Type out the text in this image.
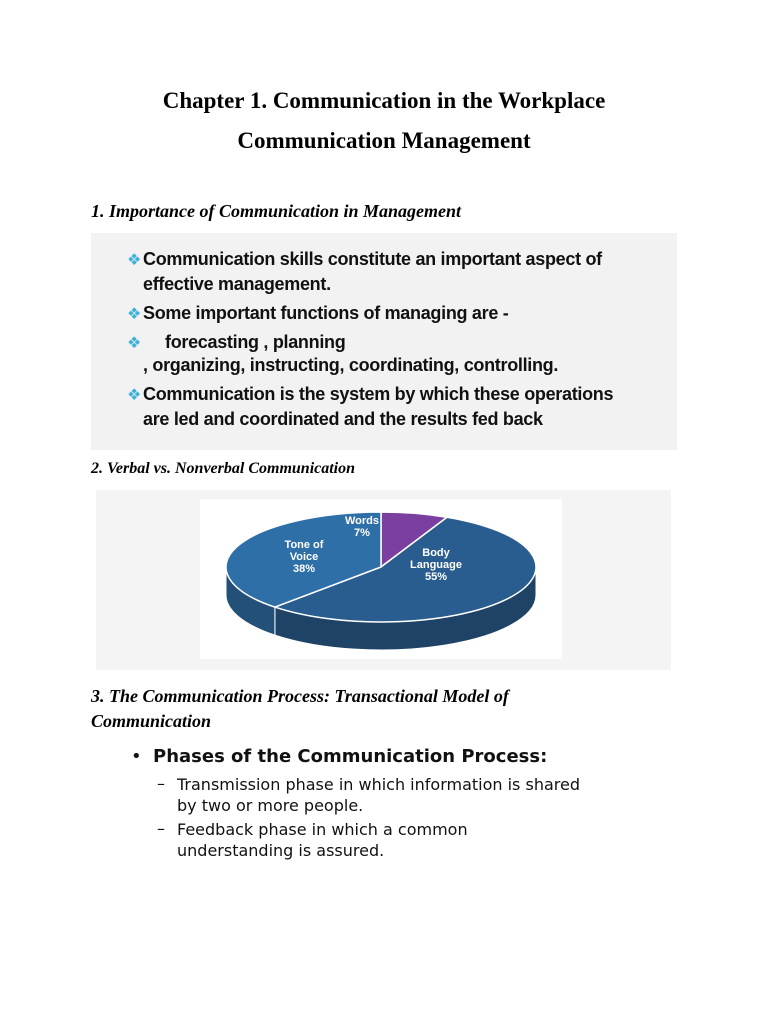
Chapter 1. Communication in the Workplace
Communication Management
1. Importance of Communication in Management
❖ Communication skills constitute an important aspect of
effective management.
❖ Some important functions of managing are -
❖ forecasting , planning
, organizing, instructing, coordinating, controlling.
❖ Communication is the system by which these operations
are led and coordinated and the results fed back
2. Verbal vs. Nonverbal Communication
Body
Language
55%
Tone of
Voice
38%
Words
7%
3. The Communication Process: Transactional Model of
Communication
• Phases of the Communication Process:
– Transmission phase in which information is shared
by two or more people.
– Feedback phase in which a common
understanding is assured.
